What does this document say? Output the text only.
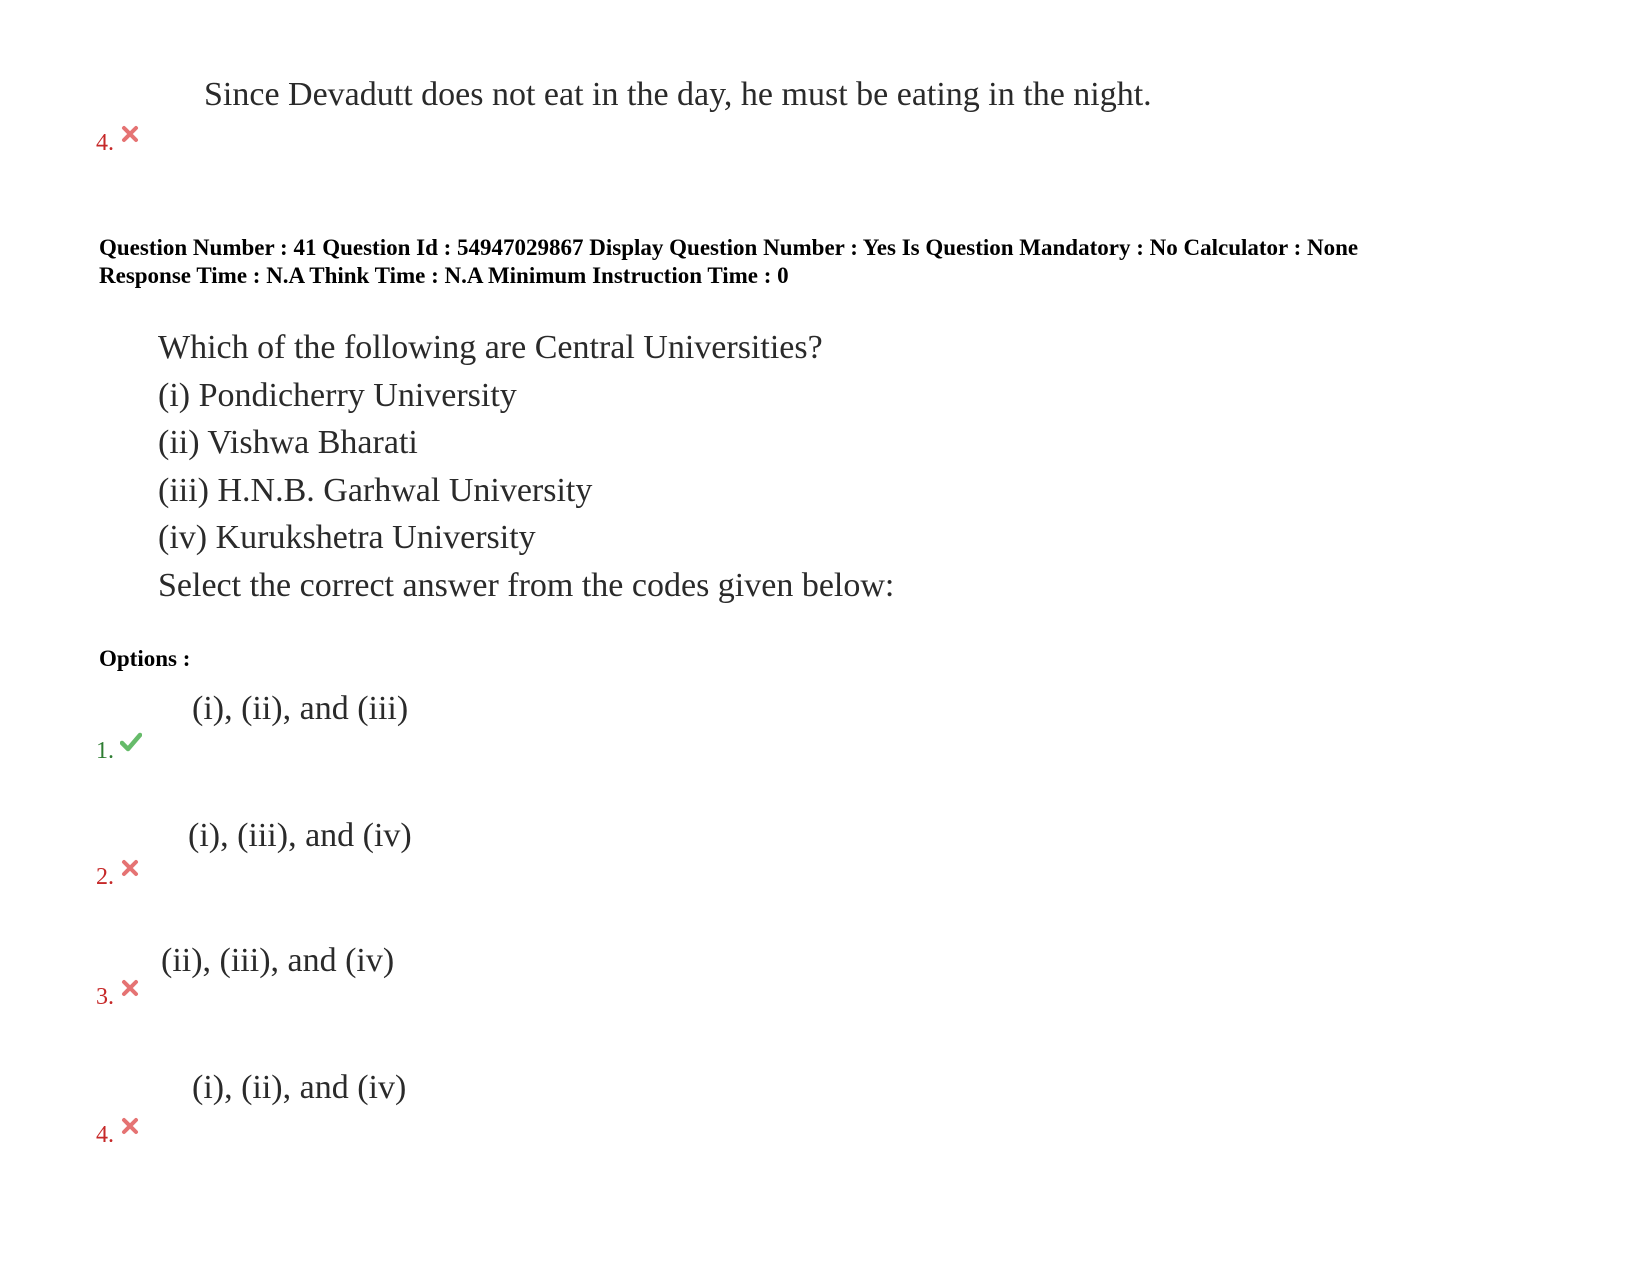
Since Devadutt does not eat in the day, he must be eating in the night.
4.
Question Number : 41 Question Id : 54947029867 Display Question Number : Yes Is Question Mandatory : No Calculator : None
Response Time : N.A Think Time : N.A Minimum Instruction Time : 0
Which of the following are Central Universities?
(i) Pondicherry University
(ii) Vishwa Bharati
(iii) H.N.B. Garhwal University
(iv) Kurukshetra University
Select the correct answer from the codes given below:
Options :
(i), (ii), and (iii)
1.
(i), (iii), and (iv)
2.
(ii), (iii), and (iv)
3.
(i), (ii), and (iv)
4.
